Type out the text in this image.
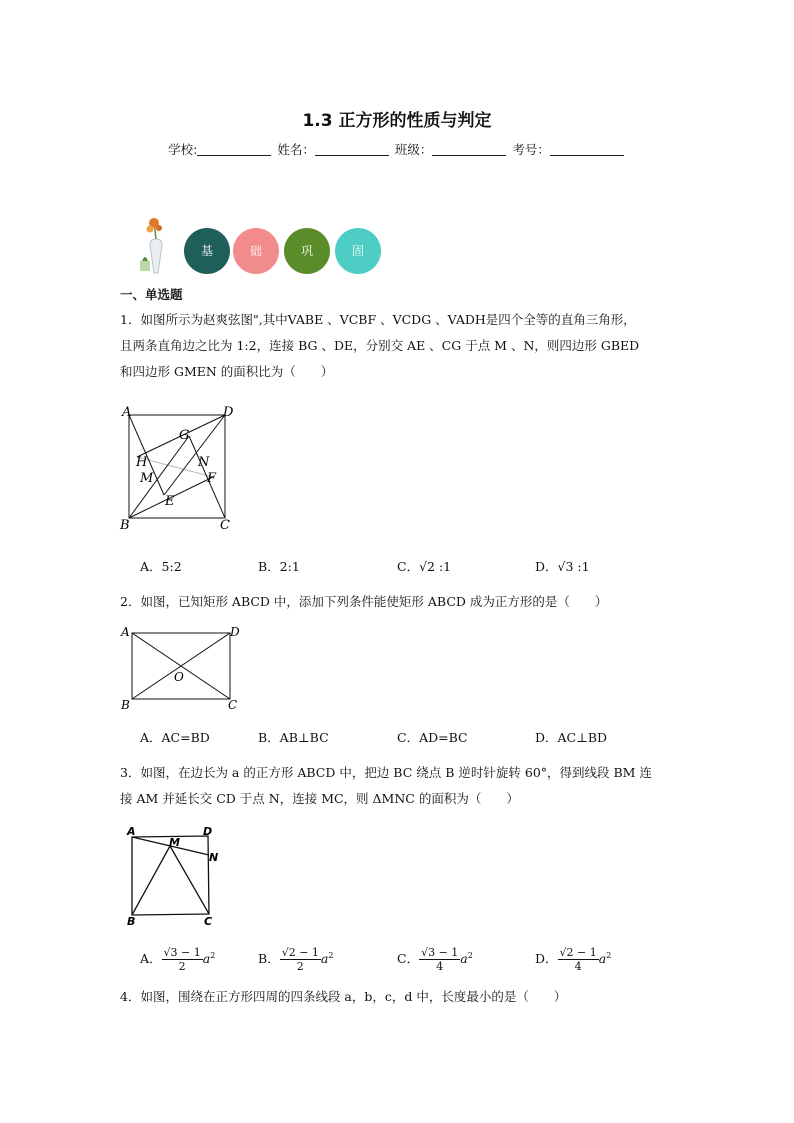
1.3 正方形的性质与判定
学校:	姓名：	班级：	考号：
基	础	巩	固
一、单选题
1．如图所示为赵爽弦图",其中VABE 、VCBF 、VCDG 、VADH是四个全等的直角三角形，
且两条直角边之比为 1:2，连接 BG 、DE，分别交 AE 、CG 于点 M 、N，则四边形 GBED
和四边形 GMEN 的面积比为（　　）
A	D
G
H	N
M	F
E
B	C
A．5:2	B．2:1	C．√2 :1	D．√3 :1
2．如图，已知矩形 ABCD 中，添加下列条件能使矩形 ABCD 成为正方形的是（　　）
A	D
O
B	C
A．AC=BD	B．AB⊥BC	C．AD=BC	D．AC⊥BD
3．如图，在边长为 a 的正方形 ABCD 中，把边 BC 绕点 B 逆时针旋转 60°，得到线段 BM 连
接 AM 并延长交 CD 于点 N，连接 MC，则 ΔMNC 的面积为（　　）
A	D
M
N
B	C
A． $\frac{√3 - 1}{2} a^2$	B． $\frac{√2 - 1}{2} a^2$	C． $\frac{√3 - 1}{4} a^2$	D． $\frac{√2 - 1}{4} a^2$
4．如图，围绕在正方形四周的四条线段 a，b，c，d 中，长度最小的是（　　）
